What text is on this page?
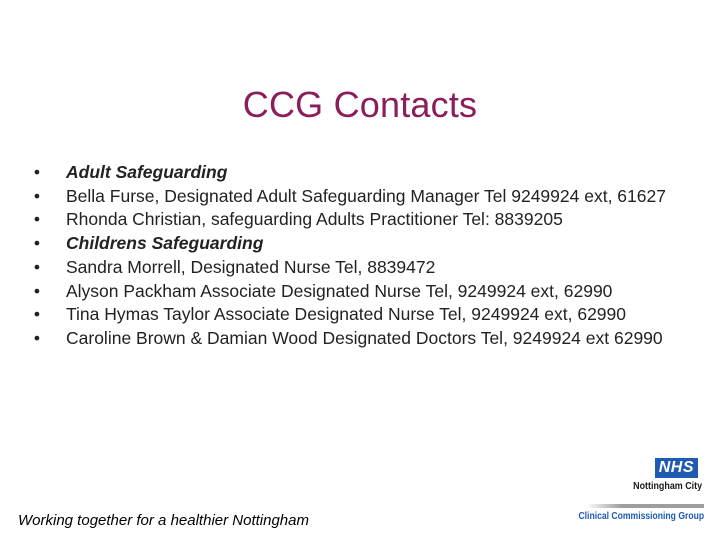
CCG Contacts
• Adult Safeguarding
• Bella Furse, Designated Adult Safeguarding Manager Tel 9249924 ext, 61627
• Rhonda Christian, safeguarding Adults Practitioner Tel: 8839205
• Childrens Safeguarding
• Sandra Morrell, Designated Nurse Tel, 8839472
• Alyson Packham Associate Designated Nurse Tel, 9249924 ext, 62990
• Tina Hymas Taylor Associate Designated Nurse Tel, 9249924 ext, 62990
• Caroline Brown & Damian Wood Designated Doctors Tel, 9249924 ext 62990
Working together for a healthier Nottingham
NHS
Nottingham City
Clinical Commissioning Group
